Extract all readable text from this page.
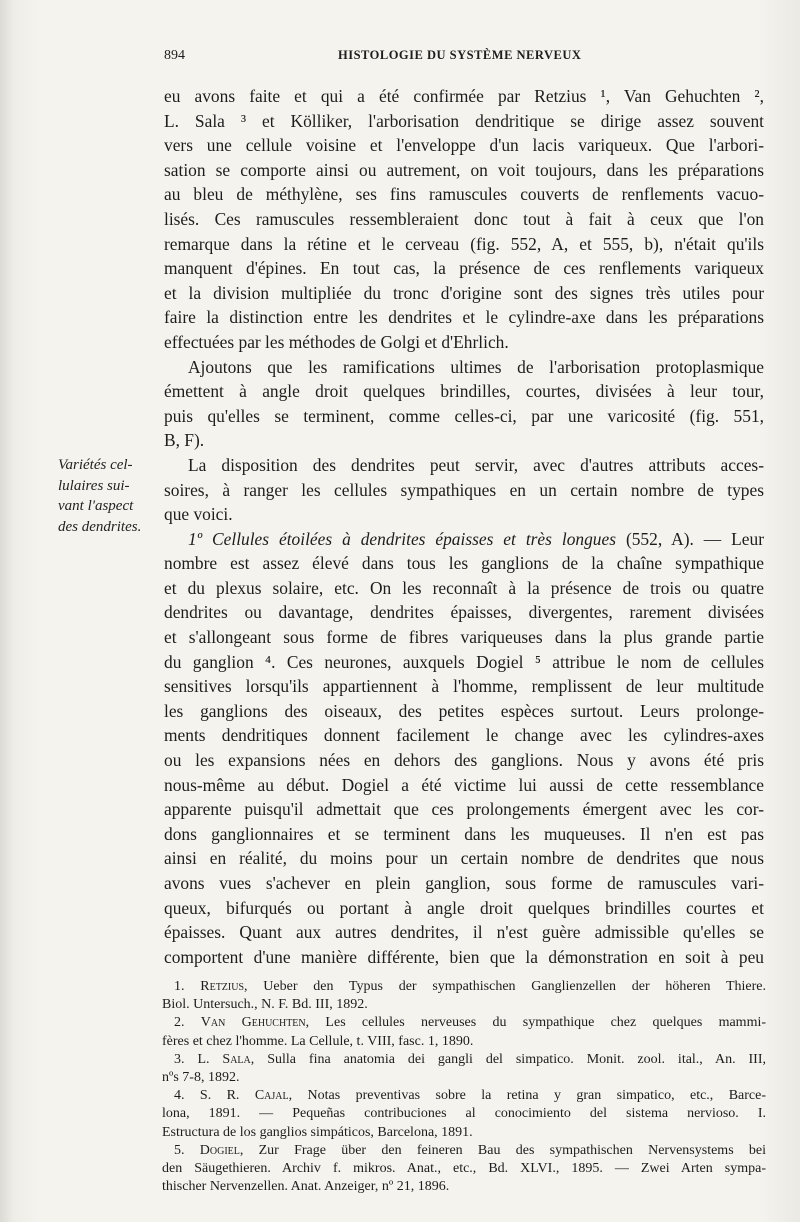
894	HISTOLOGIE DU SYSTÈME NERVEUX
Variétés cel-
lulaires sui-
vant l'aspect
des dendrites.

eu avons faite et qui a été confirmée par Retzius ¹, Van Gehuchten ²,
L. Sala ³ et Kölliker, l'arborisation dendritique se dirige assez souvent
vers une cellule voisine et l'enveloppe d'un lacis variqueux. Que l'arbori-
sation se comporte ainsi ou autrement, on voit toujours, dans les préparations
au bleu de méthylène, ses fins ramuscules couverts de renflements vacuo-
lisés. Ces ramuscules ressembleraient donc tout à fait à ceux que l'on
remarque dans la rétine et le cerveau (fig. 552, A, et 555, b), n'était qu'ils
manquent d'épines. En tout cas, la présence de ces renflements variqueux
et la division multipliée du tronc d'origine sont des signes très utiles pour
faire la distinction entre les dendrites et le cylindre-axe dans les préparations
effectuées par les méthodes de Golgi et d'Ehrlich.

Ajoutons que les ramifications ultimes de l'arborisation protoplasmique
émettent à angle droit quelques brindilles, courtes, divisées à leur tour,
puis qu'elles se terminent, comme celles-ci, par une varicosité (fig. 551,
B, F).

La disposition des dendrites peut servir, avec d'autres attributs acces-
soires, à ranger les cellules sympathiques en un certain nombre de types
que voici.

1º Cellules étoilées à dendrites épaisses et très longues (552, A). — Leur
nombre est assez élevé dans tous les ganglions de la chaîne sympathique
et du plexus solaire, etc. On les reconnaît à la présence de trois ou quatre
dendrites ou davantage, dendrites épaisses, divergentes, rarement divisées
et s'allongeant sous forme de fibres variqueuses dans la plus grande partie
du ganglion ⁴. Ces neurones, auxquels Dogiel ⁵ attribue le nom de cellules
sensitives lorsqu'ils appartiennent à l'homme, remplissent de leur multitude
les ganglions des oiseaux, des petites espèces surtout. Leurs prolonge-
ments dendritiques donnent facilement le change avec les cylindres-axes
ou les expansions nées en dehors des ganglions. Nous y avons été pris
nous-même au début. Dogiel a été victime lui aussi de cette ressemblance
apparente puisqu'il admettait que ces prolongements émergent avec les cor-
dons ganglionnaires et se terminent dans les muqueuses. Il n'en est pas
ainsi en réalité, du moins pour un certain nombre de dendrites que nous
avons vues s'achever en plein ganglion, sous forme de ramuscules vari-
queux, bifurqués ou portant à angle droit quelques brindilles courtes et
épaisses. Quant aux autres dendrites, il n'est guère admissible qu'elles se
comportent d'une manière différente, bien que la démonstration en soit à peu

1. Retzius, Ueber den Typus der sympathischen Ganglienzellen der höheren Thiere.
Biol. Untersuch., N. F. Bd. III, 1892.
2. Van Gehuchten, Les cellules nerveuses du sympathique chez quelques mammi-
fères et chez l'homme. La Cellule, t. VIII, fasc. 1, 1890.
3. L. Sala, Sulla fina anatomia dei gangli del simpatico. Monit. zool. ital., An. III,
nºs 7-8, 1892.
4. S. R. Cajal, Notas preventivas sobre la retina y gran simpatico, etc., Barce-
lona, 1891. — Pequeñas contribuciones al conocimiento del sistema nervioso. I.
Estructura de los ganglios simpáticos, Barcelona, 1891.
5. Dogiel, Zur Frage über den feineren Bau des sympathischen Nervensystems bei
den Säugethieren. Archiv f. mikros. Anat., etc., Bd. XLVI., 1895. — Zwei Arten sympa-
thischer Nervenzellen. Anat. Anzeiger, nº 21, 1896.
